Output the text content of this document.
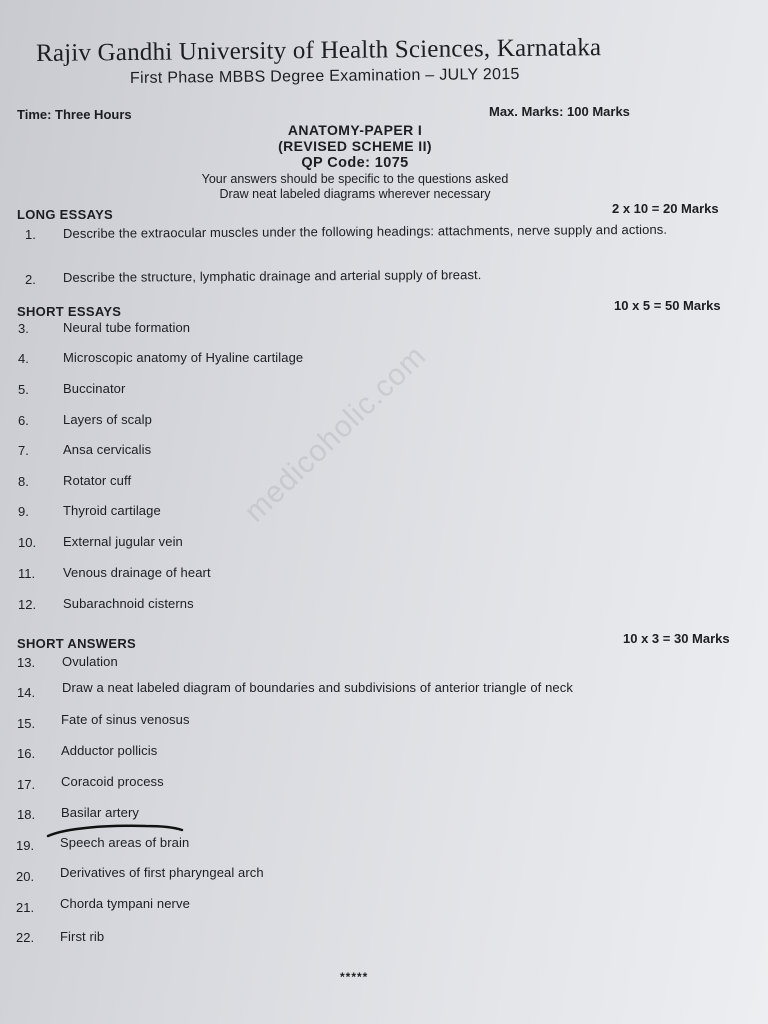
Rajiv Gandhi University of Health Sciences, Karnataka
First Phase MBBS Degree Examination – JULY 2015
Time: Three Hours	Max. Marks: 100 Marks
ANATOMY-PAPER I
(REVISED SCHEME II)
QP Code: 1075
Your answers should be specific to the questions asked
Draw neat labeled diagrams wherever necessary
medicoholic.com
LONG ESSAYS	2 x 10 = 20 Marks
1.	Describe the extraocular muscles under the following headings: attachments, nerve supply and actions.
2.	Describe the structure, lymphatic drainage and arterial supply of breast.
SHORT ESSAYS	10 x 5 = 50 Marks
3.	Neural tube formation
4.	Microscopic anatomy of Hyaline cartilage
5.	Buccinator
6.	Layers of scalp
7.	Ansa cervicalis
8.	Rotator cuff
9.	Thyroid cartilage
10.	External jugular vein
11.	Venous drainage of heart
12.	Subarachnoid cisterns
SHORT ANSWERS	10 x 3 = 30 Marks
13.	Ovulation
14.	Draw a neat labeled diagram of boundaries and subdivisions of anterior triangle of neck
15.	Fate of sinus venosus
16.	Adductor pollicis
17.	Coracoid process
18.	Basilar artery
19.	Speech areas of brain
20.	Derivatives of first pharyngeal arch
21.	Chorda tympani nerve
22.	First rib
*****
